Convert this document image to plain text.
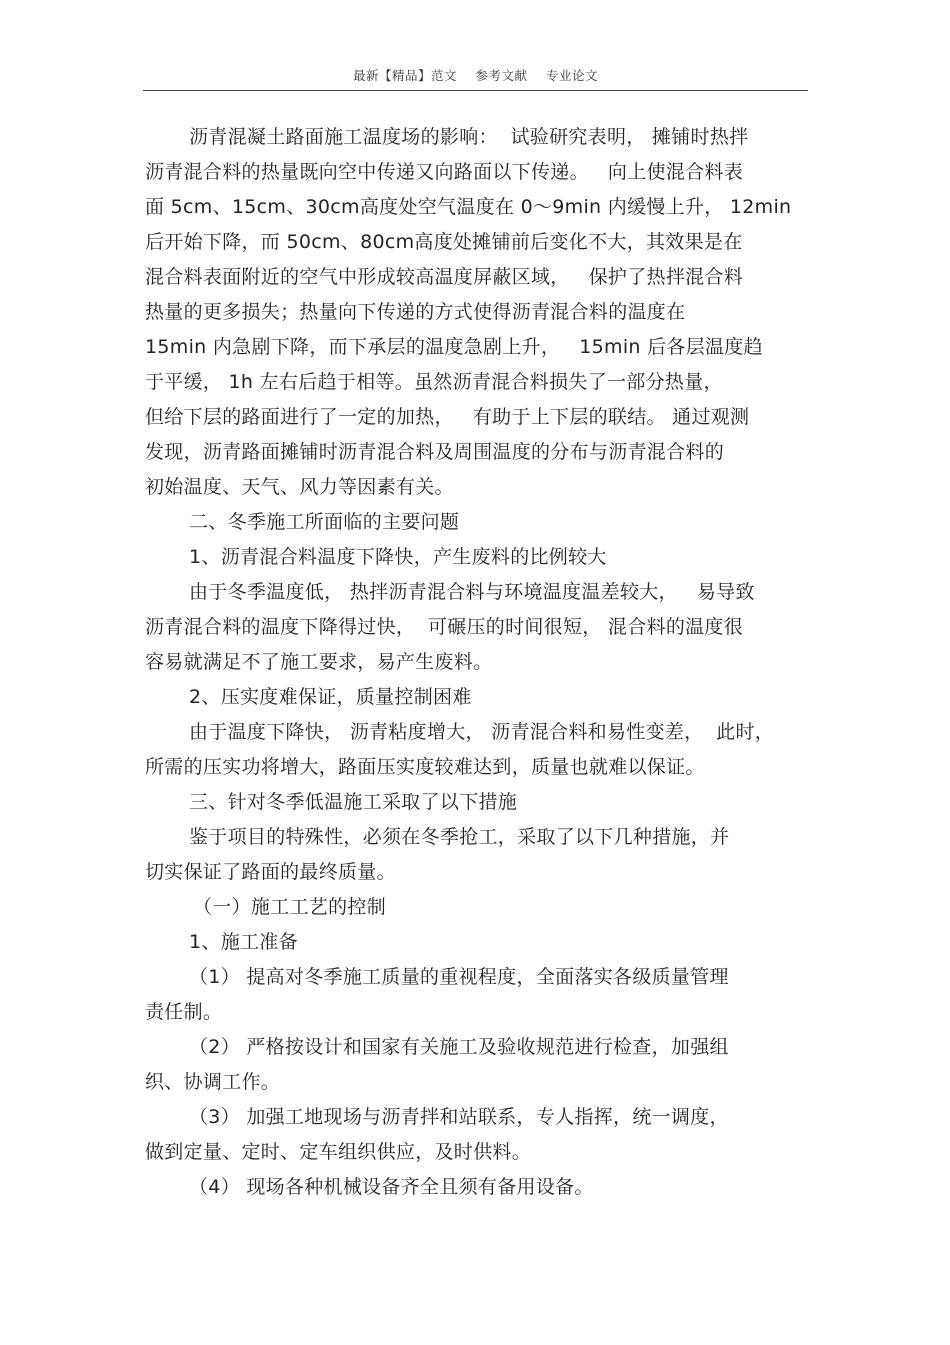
最新【精品】范文 参考文献 专业论文
沥青混凝土路面施工温度场的影响：  试验研究表明， 摊铺时热拌
沥青混合料的热量既向空中传递又向路面以下传递。   向上使混合料表
面 5cm、15cm、30cm高度处空气温度在 0～9min 内缓慢上升， 12min
后开始下降，而 50cm、80cm高度处摊铺前后变化不大，其效果是在
混合料表面附近的空气中形成较高温度屏蔽区域，   保护了热拌混合料
热量的更多损失；热量向下传递的方式使得沥青混合料的温度在
15min 内急剧下降，而下承层的温度急剧上升，   15min 后各层温度趋
于平缓， 1h 左右后趋于相等。虽然沥青混合料损失了一部分热量，
但给下层的路面进行了一定的加热，   有助于上下层的联结。 通过观测
发现，沥青路面摊铺时沥青混合料及周围温度的分布与沥青混合料的
初始温度、天气、风力等因素有关。
二、冬季施工所面临的主要问题
1、沥青混合料温度下降快，产生废料的比例较大
由于冬季温度低， 热拌沥青混合料与环境温度温差较大，   易导致
沥青混合料的温度下降得过快，  可碾压的时间很短， 混合料的温度很
容易就满足不了施工要求，易产生废料。
2、压实度难保证，质量控制困难
由于温度下降快， 沥青粘度增大， 沥青混合料和易性变差，  此时，
所需的压实功将增大，路面压实度较难达到，质量也就难以保证。
三、针对冬季低温施工采取了以下措施
鉴于项目的特殊性，必须在冬季抢工，采取了以下几种措施，并
切实保证了路面的最终质量。
（一）施工工艺的控制
1、施工准备
（1） 提高对冬季施工质量的重视程度，全面落实各级质量管理
责任制。
（2） 严格按设计和国家有关施工及验收规范进行检查，加强组
织、协调工作。
（3） 加强工地现场与沥青拌和站联系，专人指挥，统一调度，
做到定量、定时、定车组织供应，及时供料。
（4） 现场各种机械设备齐全且须有备用设备。
